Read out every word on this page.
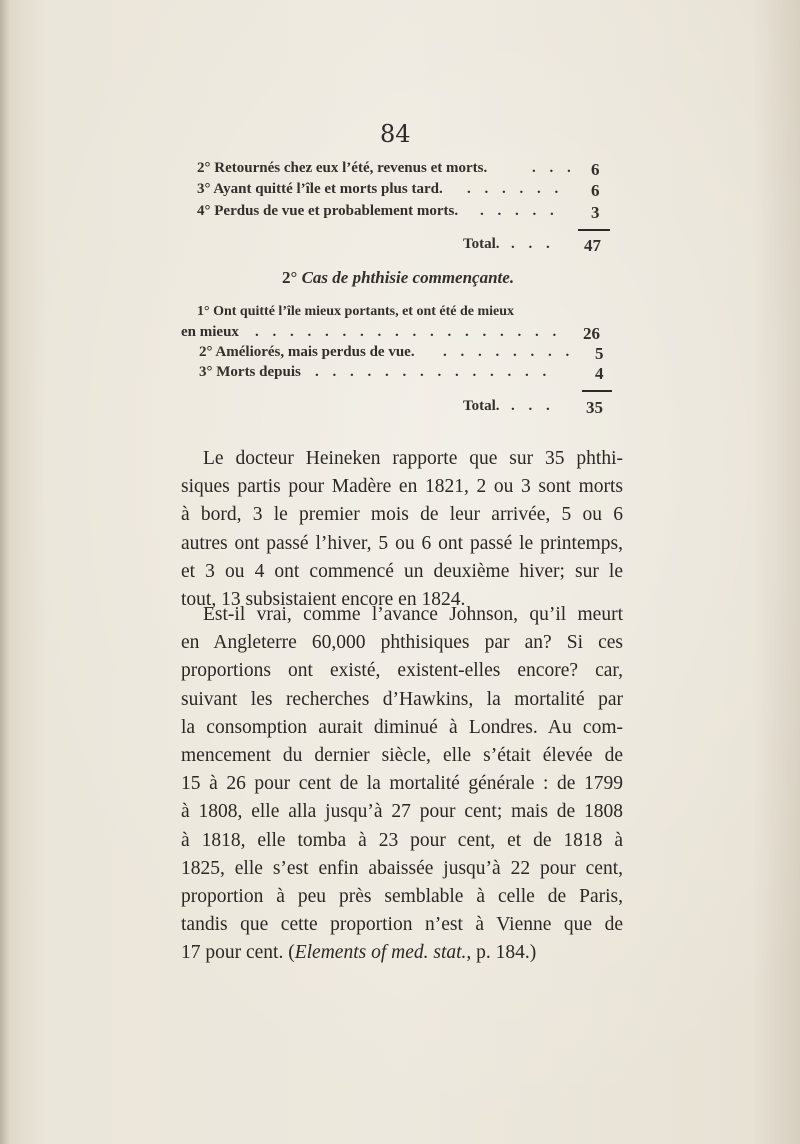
84
2° Retournés chez eux l’été, revenus et morts.	. . . 6
3° Ayant quitté l’île et morts plus tard. . . . . . . 6
4° Perdus de vue et probablement morts. . . . . . 3
Total. . . . 47
2° Cas de phthisie commençante.
1° Ont quitté l’île mieux portants, et ont été de mieux
en mieux . . . . . . . . . . . . . . . . . . 26
2° Améliorés, mais perdus de vue. . . . . . . . . 5
3° Morts depuis . . . . . . . . . . . . . .	4
Total. . . . 35
Le docteur Heineken rapporte que sur 35 phthi-
siques partis pour Madère en 1821, 2 ou 3 sont morts
à bord, 3 le premier mois de leur arrivée, 5 ou 6
autres ont passé l’hiver, 5 ou 6 ont passé le printemps,
et 3 ou 4 ont commencé un deuxième hiver; sur le
tout, 13 subsistaient encore en 1824.
Est-il vrai, comme l’avance Johnson, qu’il meurt
en Angleterre 60,000 phthisiques par an? Si ces
proportions ont existé, existent-elles encore? car,
suivant les recherches d’Hawkins, la mortalité par
la consomption aurait diminué à Londres. Au com-
mencement du dernier siècle, elle s’était élevée de
15 à 26 pour cent de la mortalité générale : de 1799
à 1808, elle alla jusqu’à 27 pour cent; mais de 1808
à 1818, elle tomba à 23 pour cent, et de 1818 à
1825, elle s’est enfin abaissée jusqu’à 22 pour cent,
proportion à peu près semblable à celle de Paris,
tandis que cette proportion n’est à Vienne que de
17 pour cent. (Elements of med. stat., p. 184.)
